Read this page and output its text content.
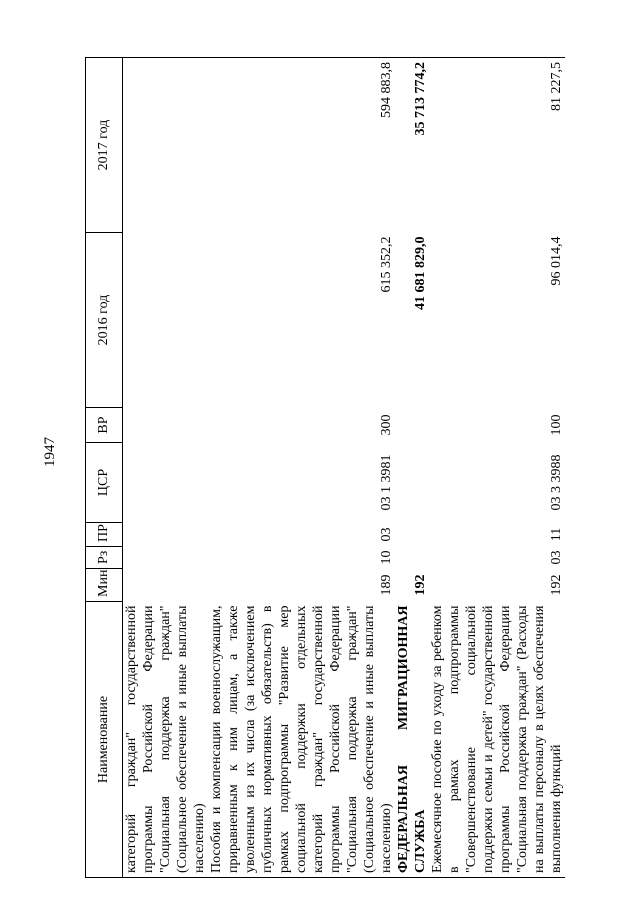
1947
Наименование	Мин	Рз	ПР	ЦСР	ВР	2016 год	2017 год
категорий граждан" государственной программы Российской Федерации "Социальная поддержка граждан" (Социальное обеспечение и иные выплаты населению)							
Пособия и компенсации военнослужащим, приравненным к ним лицам, а также уволенным из их числа (за исключением публичных нормативных обязательств) в рамках подпрограммы "Развитие мер социальной поддержки отдельных категорий граждан" государственной программы Российской Федерации "Социальная поддержка граждан" (Социальное обеспечение и иные выплаты населению)	189	10	03	03 1 3981	300	615 352,2	594 883,8
ФЕДЕРАЛЬНАЯ МИГРАЦИОННАЯ СЛУЖБА	192					41 681 829,0	35 713 774,2
Ежемесячное пособие по уходу за ребенком в рамках подпрограммы "Совершенствование социальной поддержки семьи и детей" государственной программы Российской Федерации "Социальная поддержка граждан" (Расходы на выплаты персоналу в целях обеспечения выполнения функций	192	03	11	03 3 3988	100	96 014,4	81 227,5
